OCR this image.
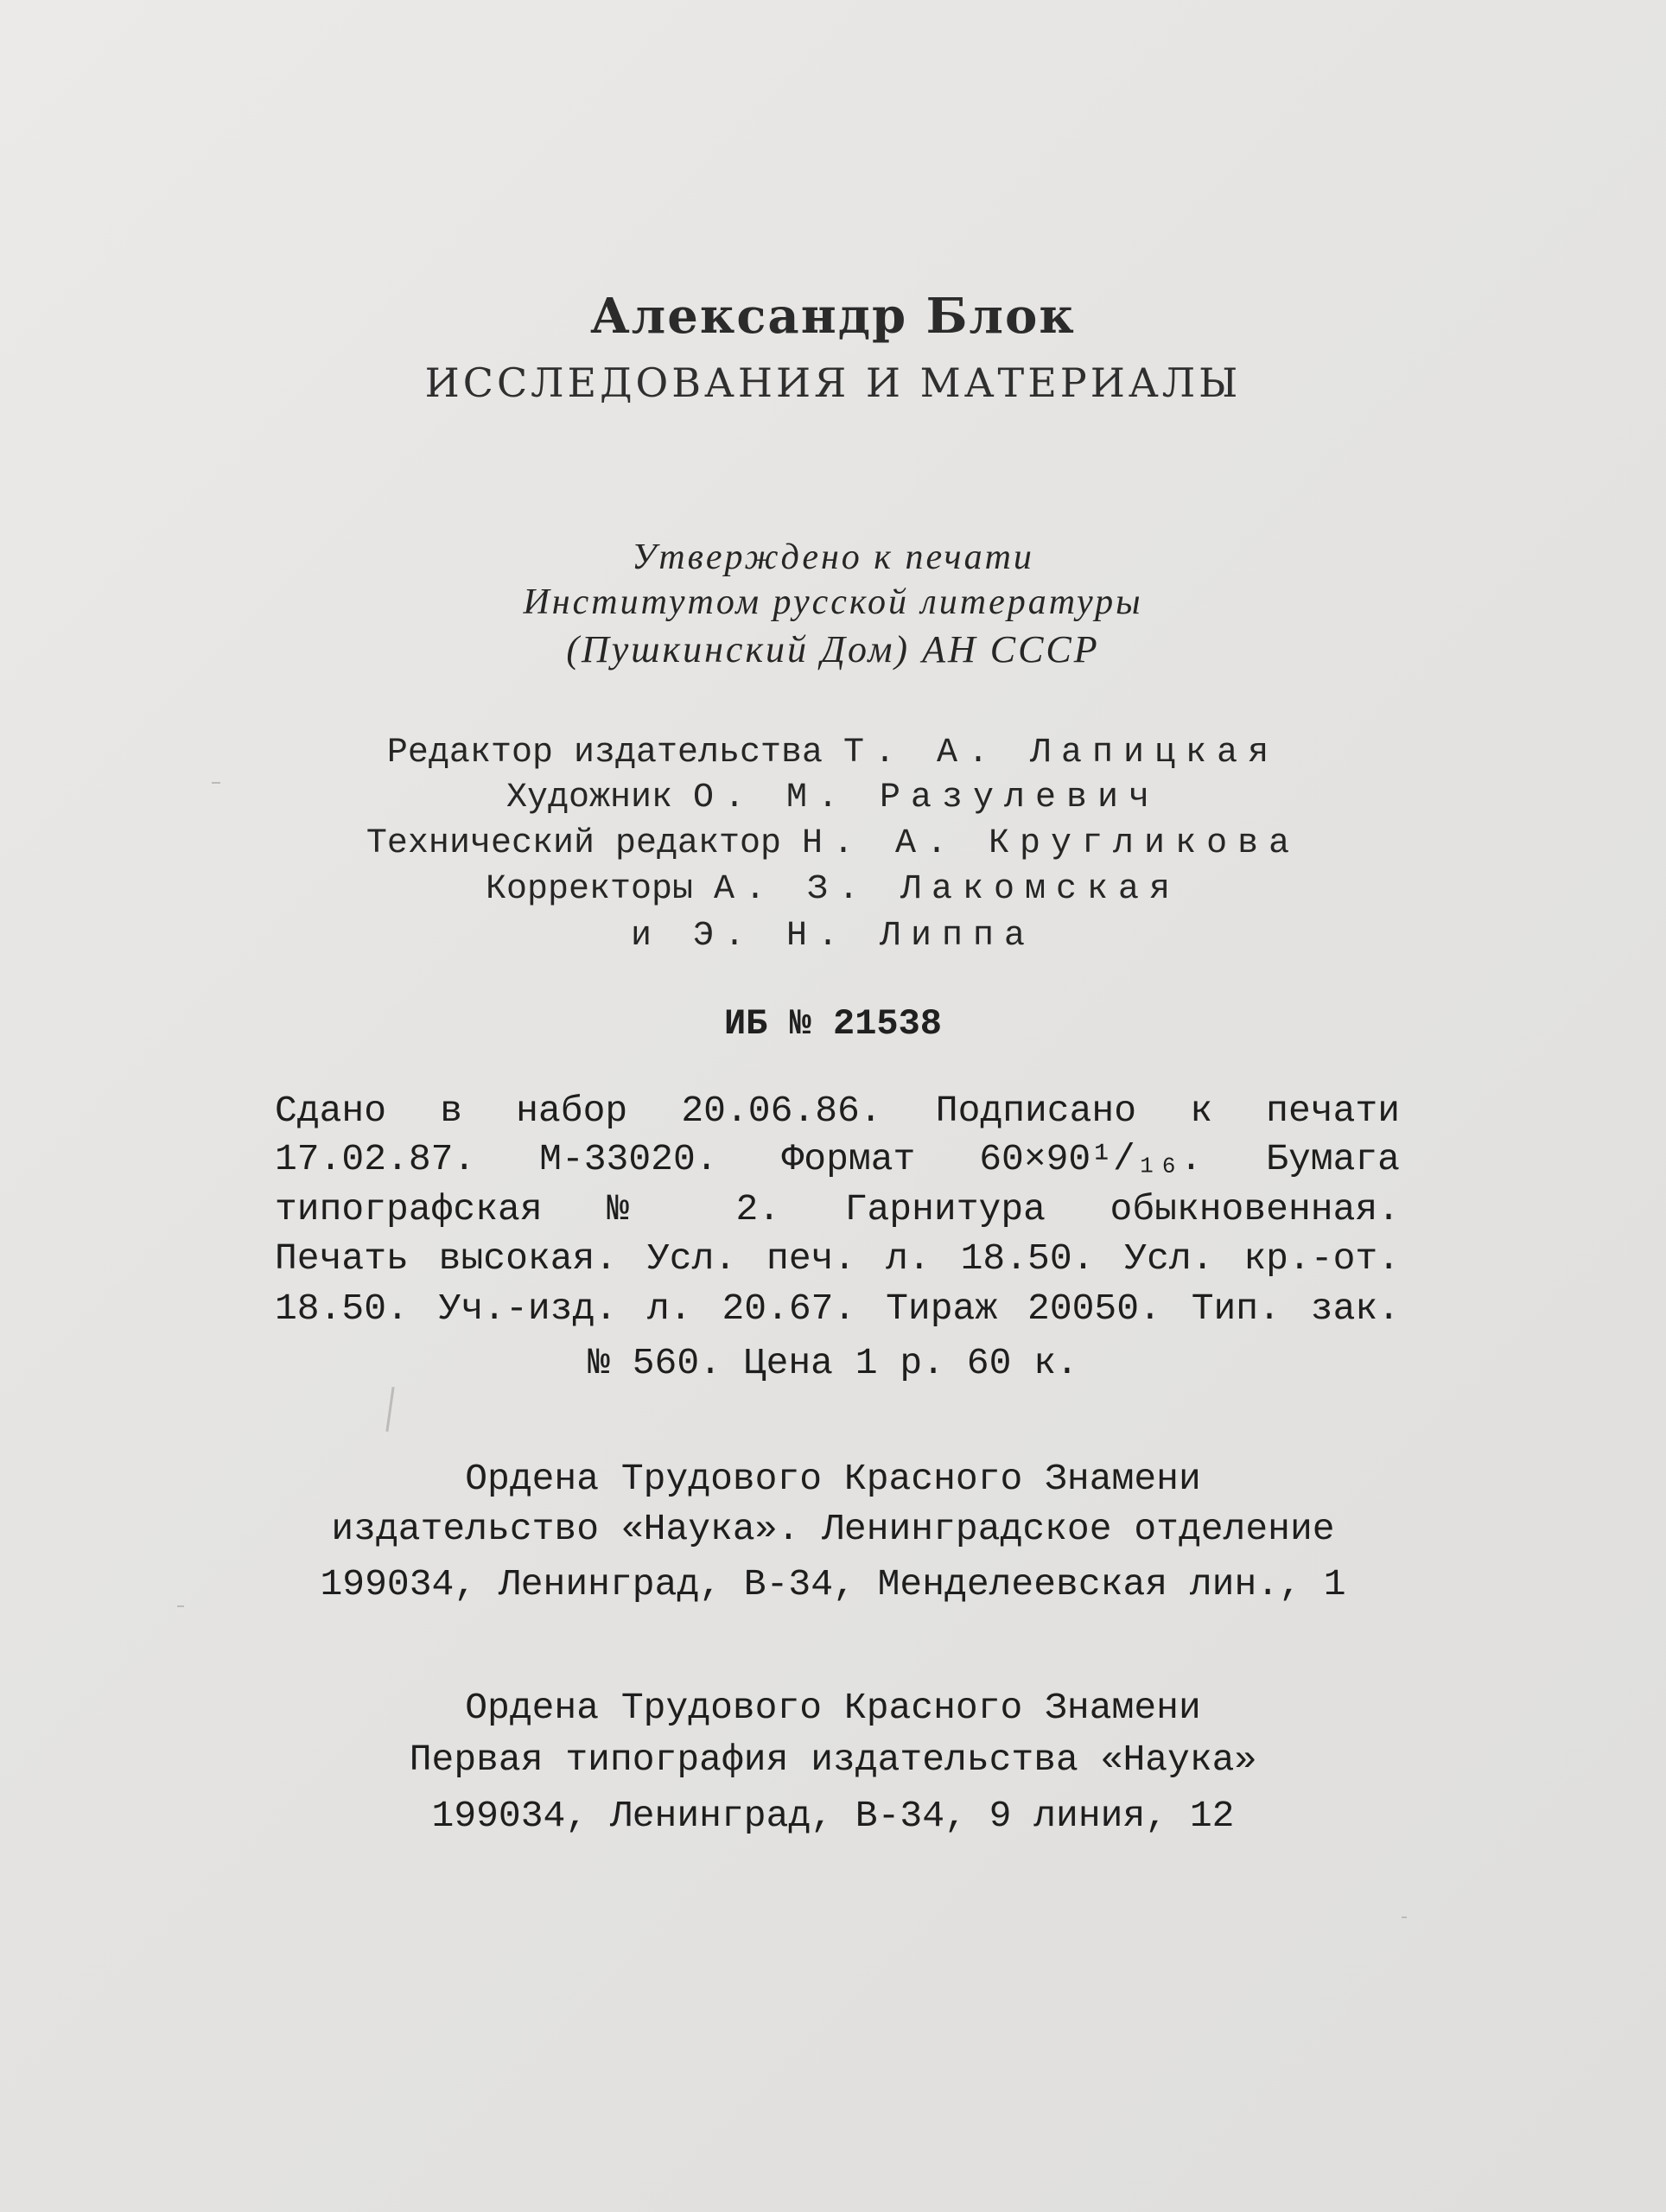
Александр Блок
ИССЛЕДОВАНИЯ И МАТЕРИАЛЫ
Утверждено к печати
Институтом русской литературы
(Пушкинский Дом) АН СССР
Редактор издательства Т. А. Лапицкая
Художник О. М. Разулевич
Технический редактор Н. А. Кругликова
Корректоры А. З. Лакомская
и Э. Н. Липпа
ИБ № 21538
Сдано в набор 20.06.86. Подписано к печати
17.02.87. М-33020. Формат 60×90¹/₁₆. Бумага
типографская № 2. Гарнитура обыкновенная.
Печать высокая. Усл. печ. л. 18.50. Усл. кр.-от.
18.50. Уч.-изд. л. 20.67. Тираж 20050. Тип. зак.
№ 560. Цена 1 р. 60 к.
Ордена Трудового Красного Знамени
издательство «Наука». Ленинградское отделение
199034, Ленинград, В-34, Менделеевская лин., 1
Ордена Трудового Красного Знамени
Первая типография издательства «Наука»
199034, Ленинград, В-34, 9 линия, 12
